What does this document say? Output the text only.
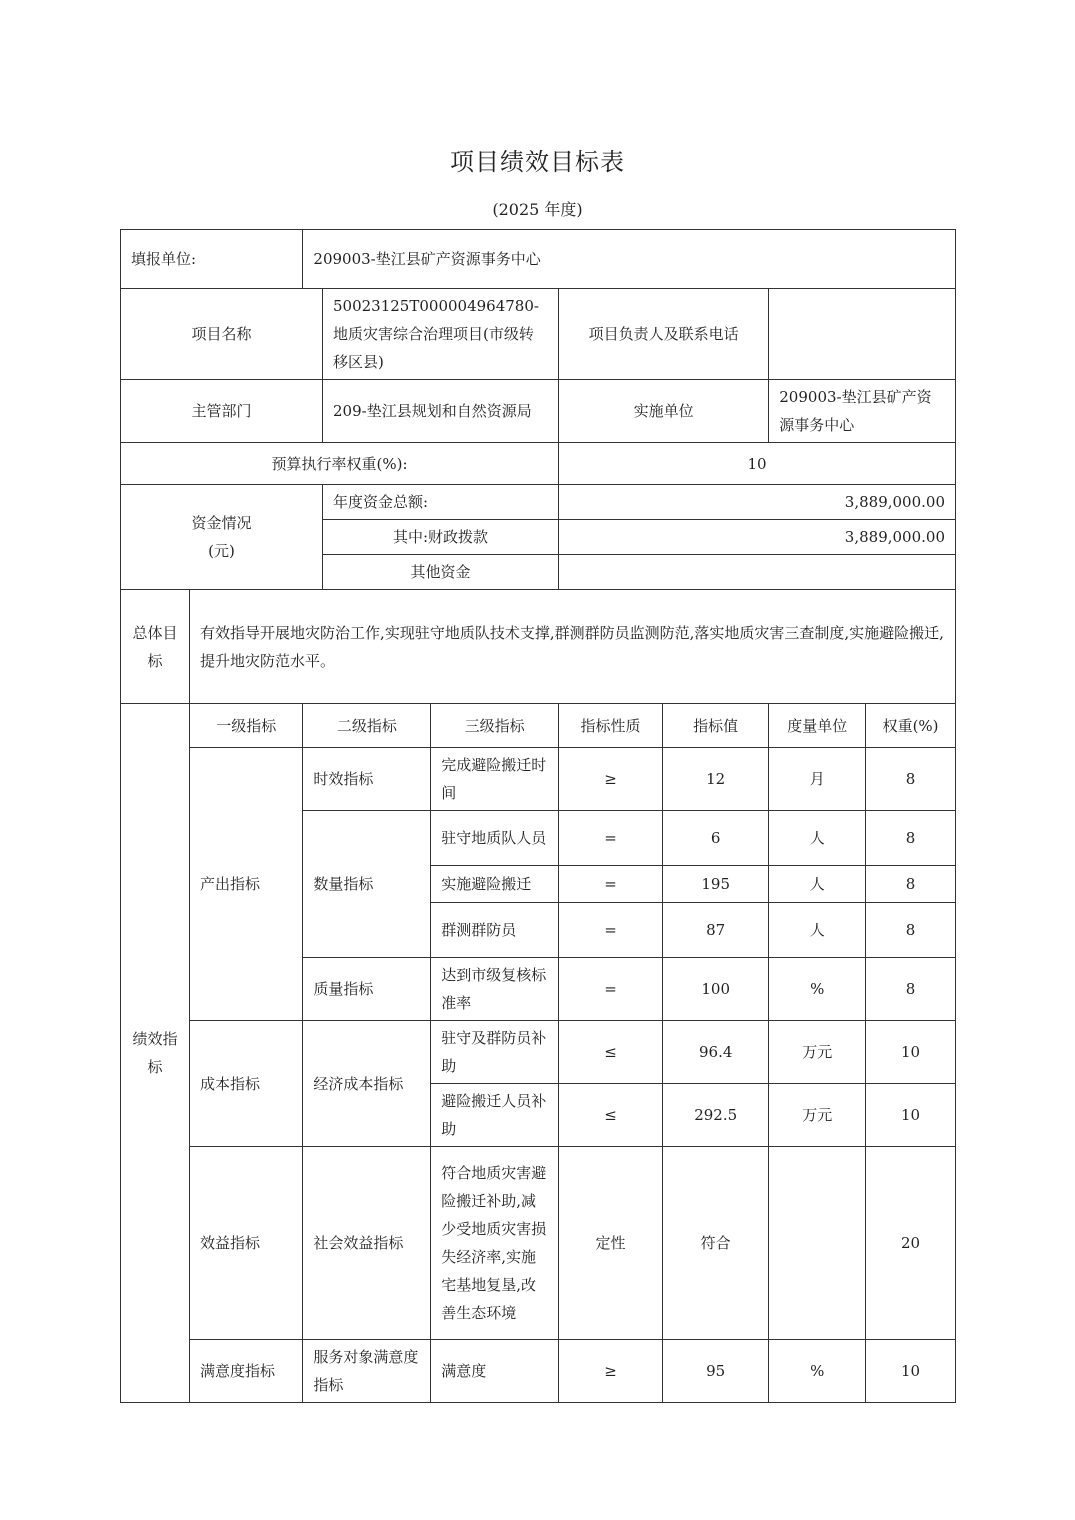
项目绩效目标表
(2025 年度)
填报单位:		209003-垫江县矿产资源事务中心						
项目名称			50023125T000004964780-地质灾害综合治理项目(市级转移区县)		项目负责人及联系电话			
主管部门			209-垫江县规划和自然资源局		实施单位		209003-垫江县矿产资源事务中心	
预算执行率权重(%):					10			

资金情况
(元)			年度资金总额:		3,889,000.00			
			其中:财政拨款		3,889,000.00			
			其他资金					
总体目标	有效指导开展地灾防治工作,实现驻守地质队技术支撑,群测群防员监测防范,落实地质灾害三查制度,实施避险搬迁,提升地灾防范水平。							
绩效指标	一级指标	二级指标		三级指标	指标性质	指标值	度量单位	权重(%)
	产出指标	时效指标		完成避险搬迁时间	≥	12	月	8
		数量指标		驻守地质队人员	=	6	人	8
				实施避险搬迁	=	195	人	8
				群测群防员	=	87	人	8
		质量指标		达到市级复核标准率	=	100	%	8
	成本指标	经济成本指标		驻守及群防员补助	≤	96.4	万元	10
				避险搬迁人员补助	≤	292.5	万元	10
	效益指标	社会效益指标		符合地质灾害避险搬迁补助,减少受地质灾害损失经济率,实施宅基地复垦,改善生态环境	定性	符合		20
	满意度指标	服务对象满意度指标		满意度	≥	95	%	10
